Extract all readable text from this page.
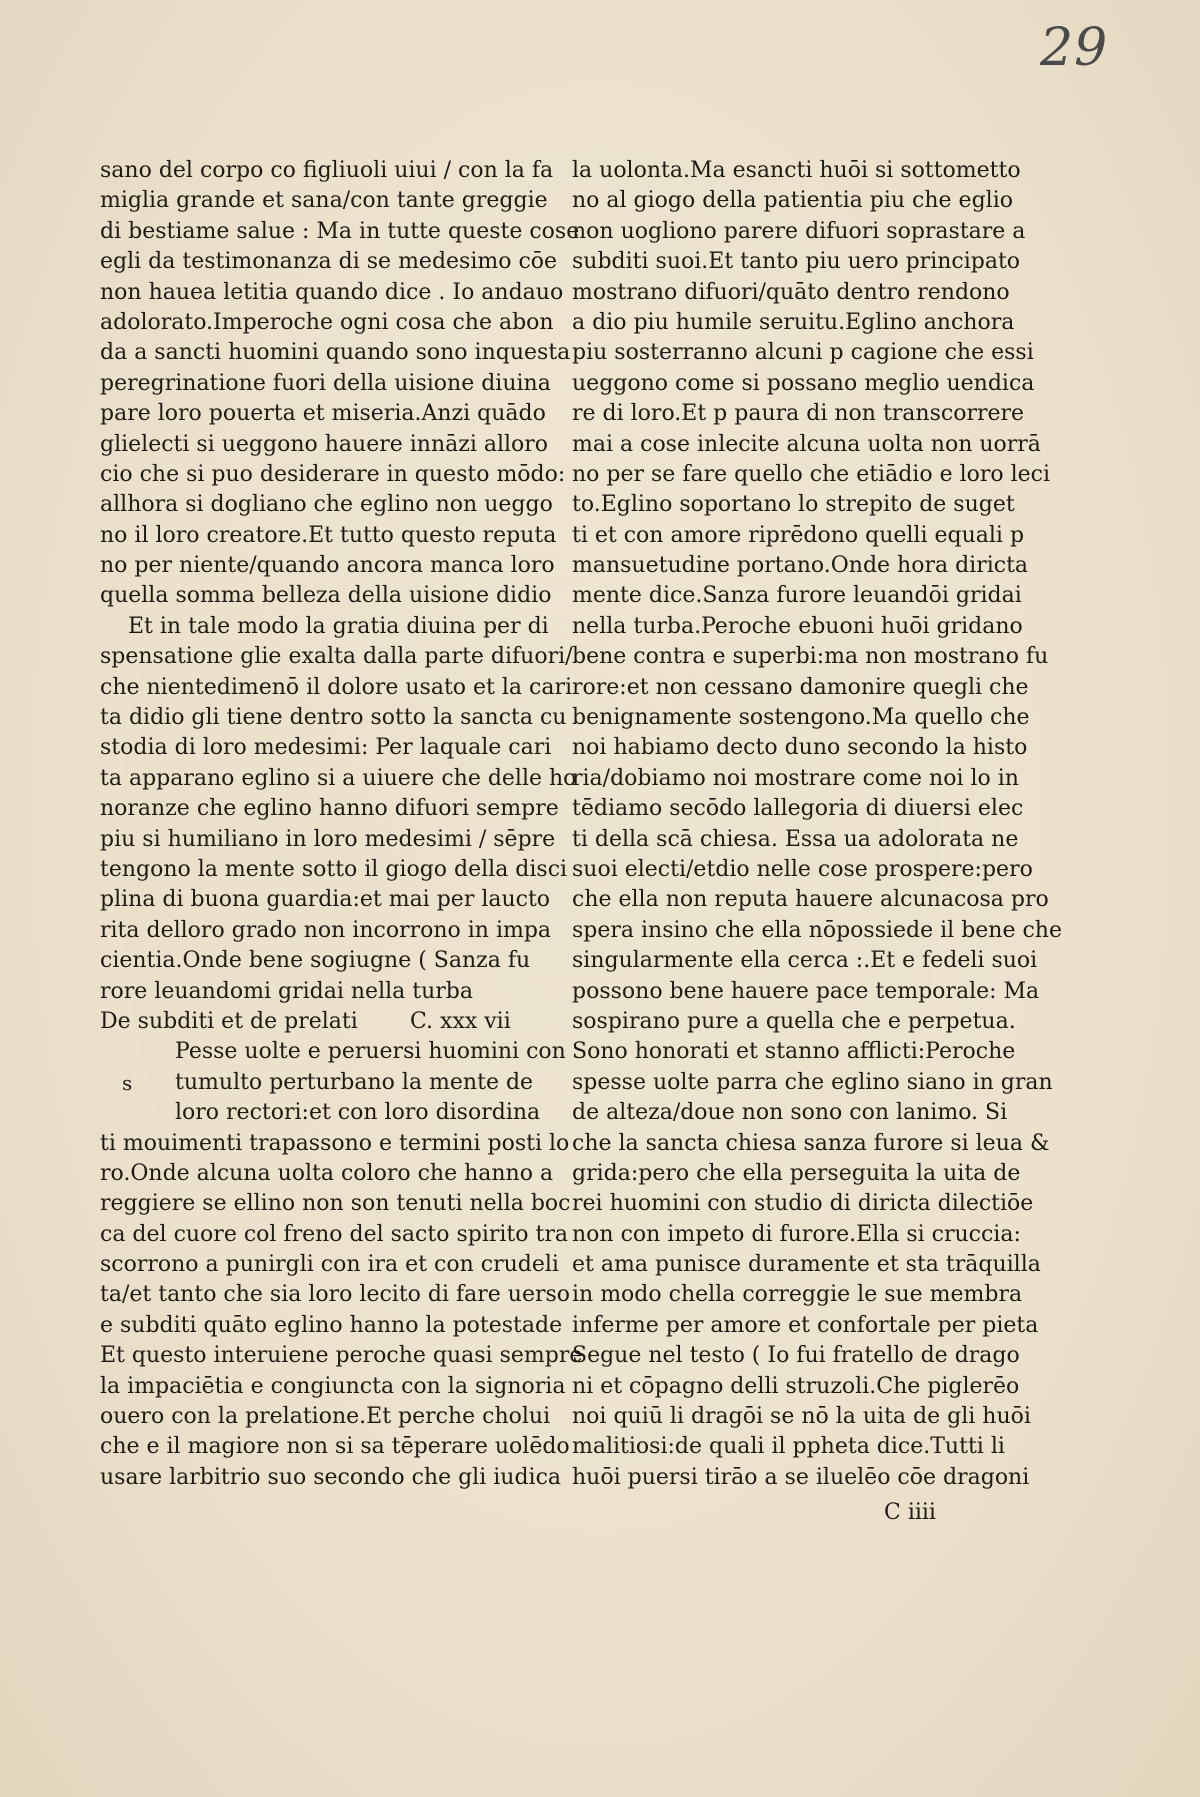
29
sano del corpo co figliuoli uiui / con la fa
miglia grande et sana/con tante greggie
di bestiame salue : Ma in tutte queste cose
egli da testimonanza di se medesimo cōe
non hauea letitia quando dice . Io andauo
adolorato.Imperoche ogni cosa che abon
da a sancti huomini quando sono inquesta
peregrinatione fuori della uisione diuina
pare loro pouerta et miseria.Anzi quādo
glielecti si ueggono hauere innāzi alloro
cio che si puo desiderare in questo mōdo:
allhora si dogliano che eglino non ueggo
no il loro creatore.Et tutto questo reputa
no per niente/quando ancora manca loro
quella somma belleza della uisione didio
Et in tale modo la gratia diuina per di
spensatione glie exalta dalla parte difuori/
che nientedimenō il dolore usato et la cari
ta didio gli tiene dentro sotto la sancta cu
stodia di loro medesimi: Per laquale cari
ta apparano eglino si a uiuere che delle ho
noranze che eglino hanno difuori sempre
piu si humiliano in loro medesimi / sēpre
tengono la mente sotto il giogo della disci
plina di buona guardia:et mai per laucto
rita delloro grado non incorrono in impa
cientia.Onde bene sogiugne ( Sanza fu
rore leuandomi gridai nella turba
De subditi et de prelati C. xxx vii
Pesse uolte e peruersi huomini con
tumulto perturbano la mente de
s
loro rectori:et con loro disordina
ti mouimenti trapassono e termini posti lo
ro.Onde alcuna uolta coloro che hanno a
reggiere se ellino non son tenuti nella boc
ca del cuore col freno del sacto spirito tra
scorrono a punirgli con ira et con crudeli
ta/et tanto che sia loro lecito di fare uerso
e subditi quāto eglino hanno la potestade
Et questo interuiene peroche quasi sempre
la impaciētia e congiuncta con la signoria
ouero con la prelatione.Et perche cholui
che e il magiore non si sa tēperare uolēdo
usare larbitrio suo secondo che gli iudica
la uolonta.Ma esancti huōi si sottometto
no al giogo della patientia piu che eglio
non uogliono parere difuori soprastare a
subditi suoi.Et tanto piu uero principato
mostrano difuori/quāto dentro rendono
a dio piu humile seruitu.Eglino anchora
piu sosterranno alcuni p cagione che essi
ueggono come si possano meglio uendica
re di loro.Et p paura di non transcorrere
mai a cose inlecite alcuna uolta non uorrā
no per se fare quello che etiādio e loro leci
to.Eglino soportano lo strepito de suget
ti et con amore riprēdono quelli equali p
mansuetudine portano.Onde hora diricta
mente dice.Sanza furore leuandōi gridai
nella turba.Peroche ebuoni huōi gridano
bene contra e superbi:ma non mostrano fu
rore:et non cessano damonire quegli che
benignamente sostengono.Ma quello che
noi habiamo decto duno secondo la histo
ria/dobiamo noi mostrare come noi lo in
tēdiamo secōdo lallegoria di diuersi elec
ti della scā chiesa. Essa ua adolorata ne
suoi electi/etdio nelle cose prospere:pero
che ella non reputa hauere alcunacosa pro
spera insino che ella nōpossiede il bene che
singularmente ella cerca :.Et e fedeli suoi
possono bene hauere pace temporale: Ma
sospirano pure a quella che e perpetua.
Sono honorati et stanno afflicti:Peroche
spesse uolte parra che eglino siano in gran
de alteza/doue non sono con lanimo. Si
che la sancta chiesa sanza furore si leua &
grida:pero che ella perseguita la uita de
rei huomini con studio di diricta dilectiōe
non con impeto di furore.Ella si cruccia:
et ama punisce duramente et sta trāquilla
in modo chella correggie le sue membra
inferme per amore et confortale per pieta
Segue nel testo ( Io fui fratello de drago
ni et cōpagno delli struzoli.Che piglerēo
noi quiū li dragōi se nō la uita de gli huōi
malitiosi:de quali il ppheta dice.Tutti li
huōi puersi tirāo a se iluelēo cōe dragoni
C iiii
